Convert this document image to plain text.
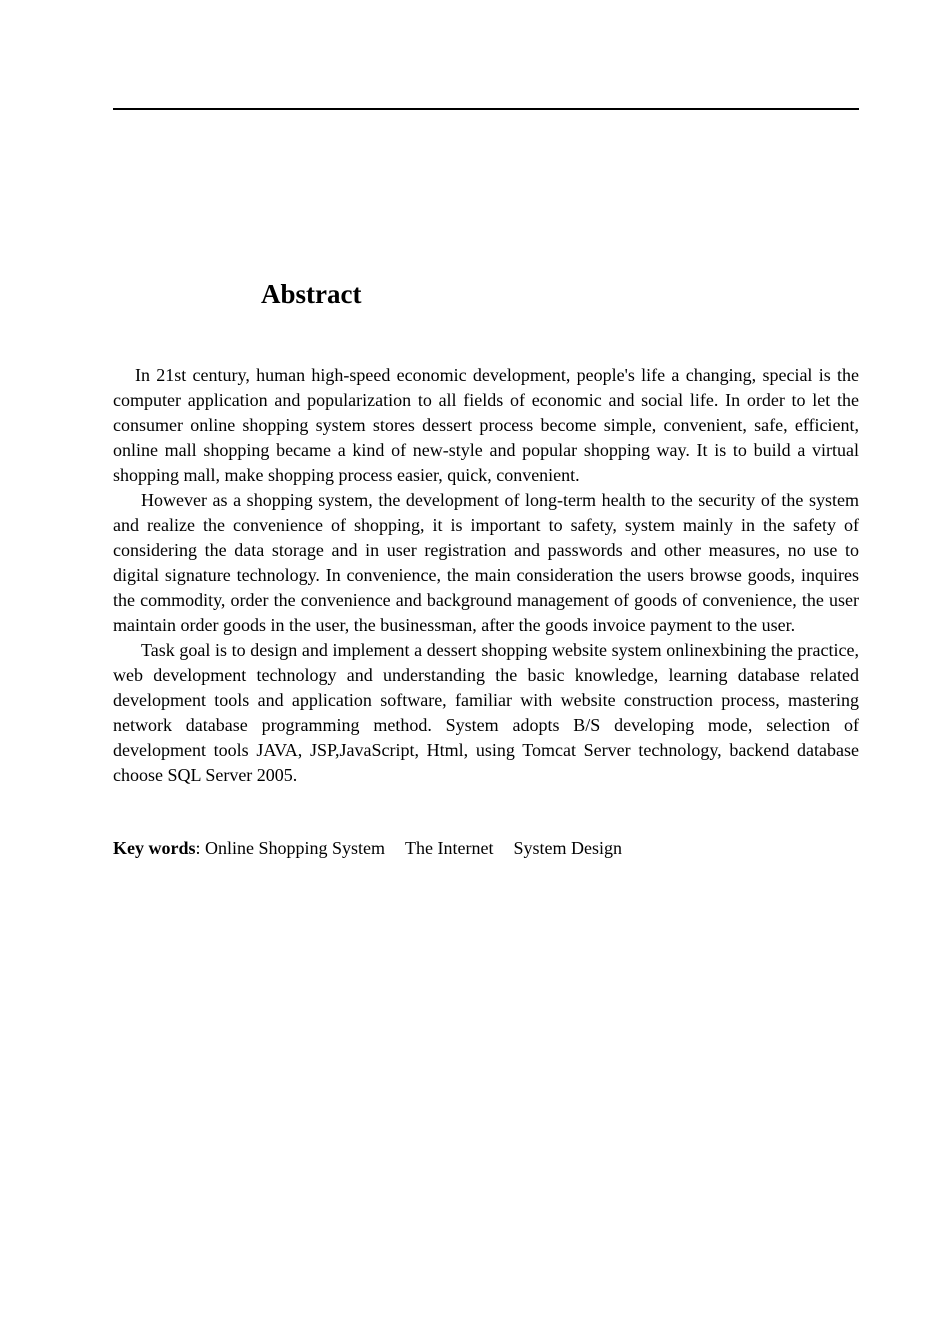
Abstract

In 21st century, human high-speed economic development, people's life a changing, special is the computer application and popularization to all fields of economic and social life. In order to let the consumer online shopping system stores dessert process become simple, convenient, safe, efficient, online mall shopping became a kind of new-style and popular shopping way. It is to build a virtual shopping mall, make shopping process easier, quick, convenient.

However as a shopping system, the development of long-term health to the security of the system and realize the convenience of shopping, it is important to safety, system mainly in the safety of considering the data storage and in user registration and passwords and other measures, no use to digital signature technology. In convenience, the main consideration the users browse goods, inquires the commodity, order the convenience and background management of goods of convenience, the user maintain order goods in the user, the businessman, after the goods invoice payment to the user.

Task goal is to design and implement a dessert shopping website system onlinexbining the practice, web development technology and understanding the basic knowledge, learning database related development tools and application software, familiar with website construction process, mastering network database programming method. System adopts B/S developing mode, selection of development tools JAVA, JSP,JavaScript, Html, using Tomcat Server technology, backend database choose SQL Server 2005.

Key words: Online Shopping System The Internet System Design
